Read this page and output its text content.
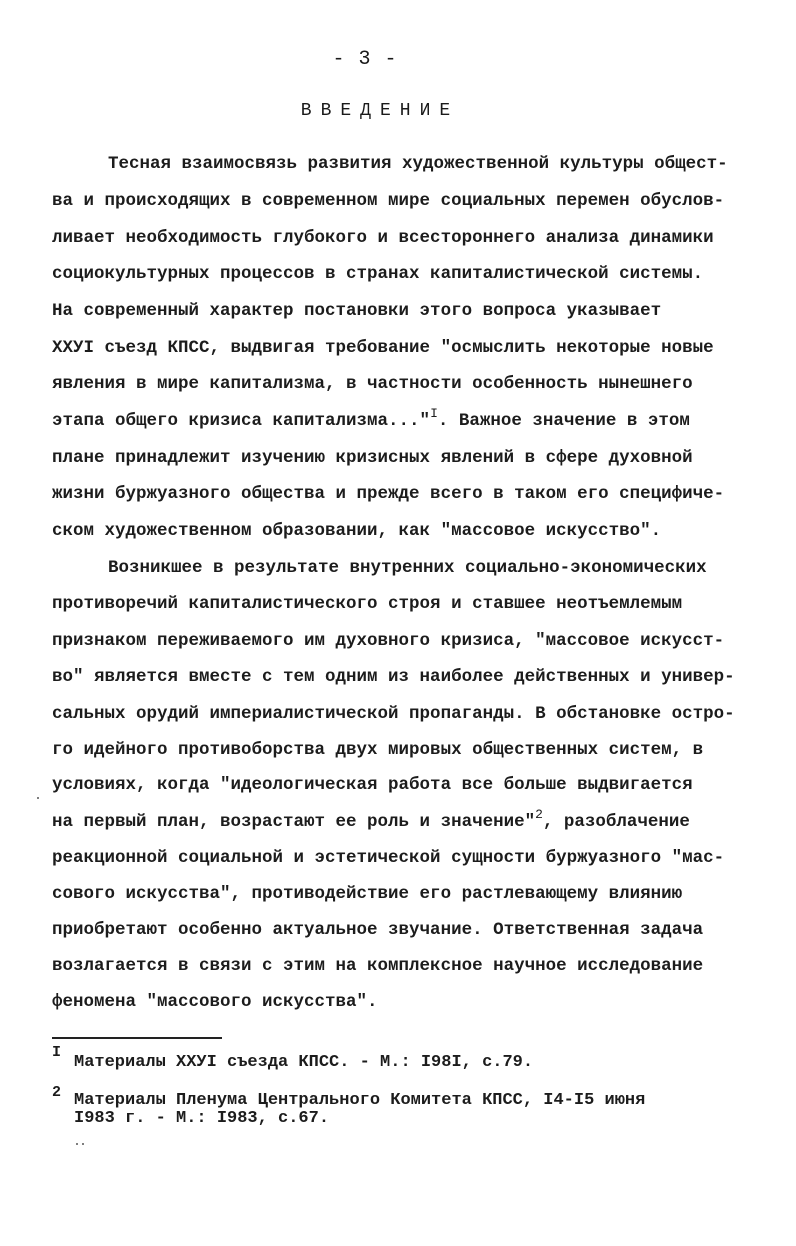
- 3 -
ВВЕДЕНИЕ
Тесная взаимосвязь развития художественной культуры общест-
ва и происходящих в современном мире социальных перемен обуслов-
ливает необходимость глубокого и всестороннего анализа динамики
социокультурных процессов в странах капиталистической системы.
На современный характер постановки этого вопроса указывает
ХХУI съезд КПСС, выдвигая требование "осмыслить некоторые новые
явления в мире капитализма, в частности особенность нынешнего
этапа общего кризиса капитализма..."$^I$. Важное значение в этом
плане принадлежит изучению кризисных явлений в сфере духовной
жизни буржуазного общества и прежде всего в таком его специфиче-
ском художественном образовании, как "массовое искусство".
Возникшее в результате внутренних социально-экономических
противоречий капиталистического строя и ставшее неотъемлемым
признаком переживаемого им духовного кризиса, "массовое искусст-
во" является вместе с тем одним из наиболее действенных и универ-
сальных орудий империалистической пропаганды. В обстановке остро-
го идейного противоборства двух мировых общественных систем, в
условиях, когда "идеологическая работа все больше выдвигается
на первый план, возрастают ее роль и значение"$^2$, разоблачение
реакционной социальной и эстетической сущности буржуазного "мас-
сового искусства", противодействие его растлевающему влиянию
приобретают особенно актуальное звучание. Ответственная задача
возлагается в связи с этим на комплексное научное исследование
феномена "массового искусства".
I
Материалы ХХУI съезда КПСС. - М.: I98I, с.79.
2 Материалы Пленума Центрального Комитета КПСС, I4-I5 июня
I983 г. - М.: I983, с.67.
